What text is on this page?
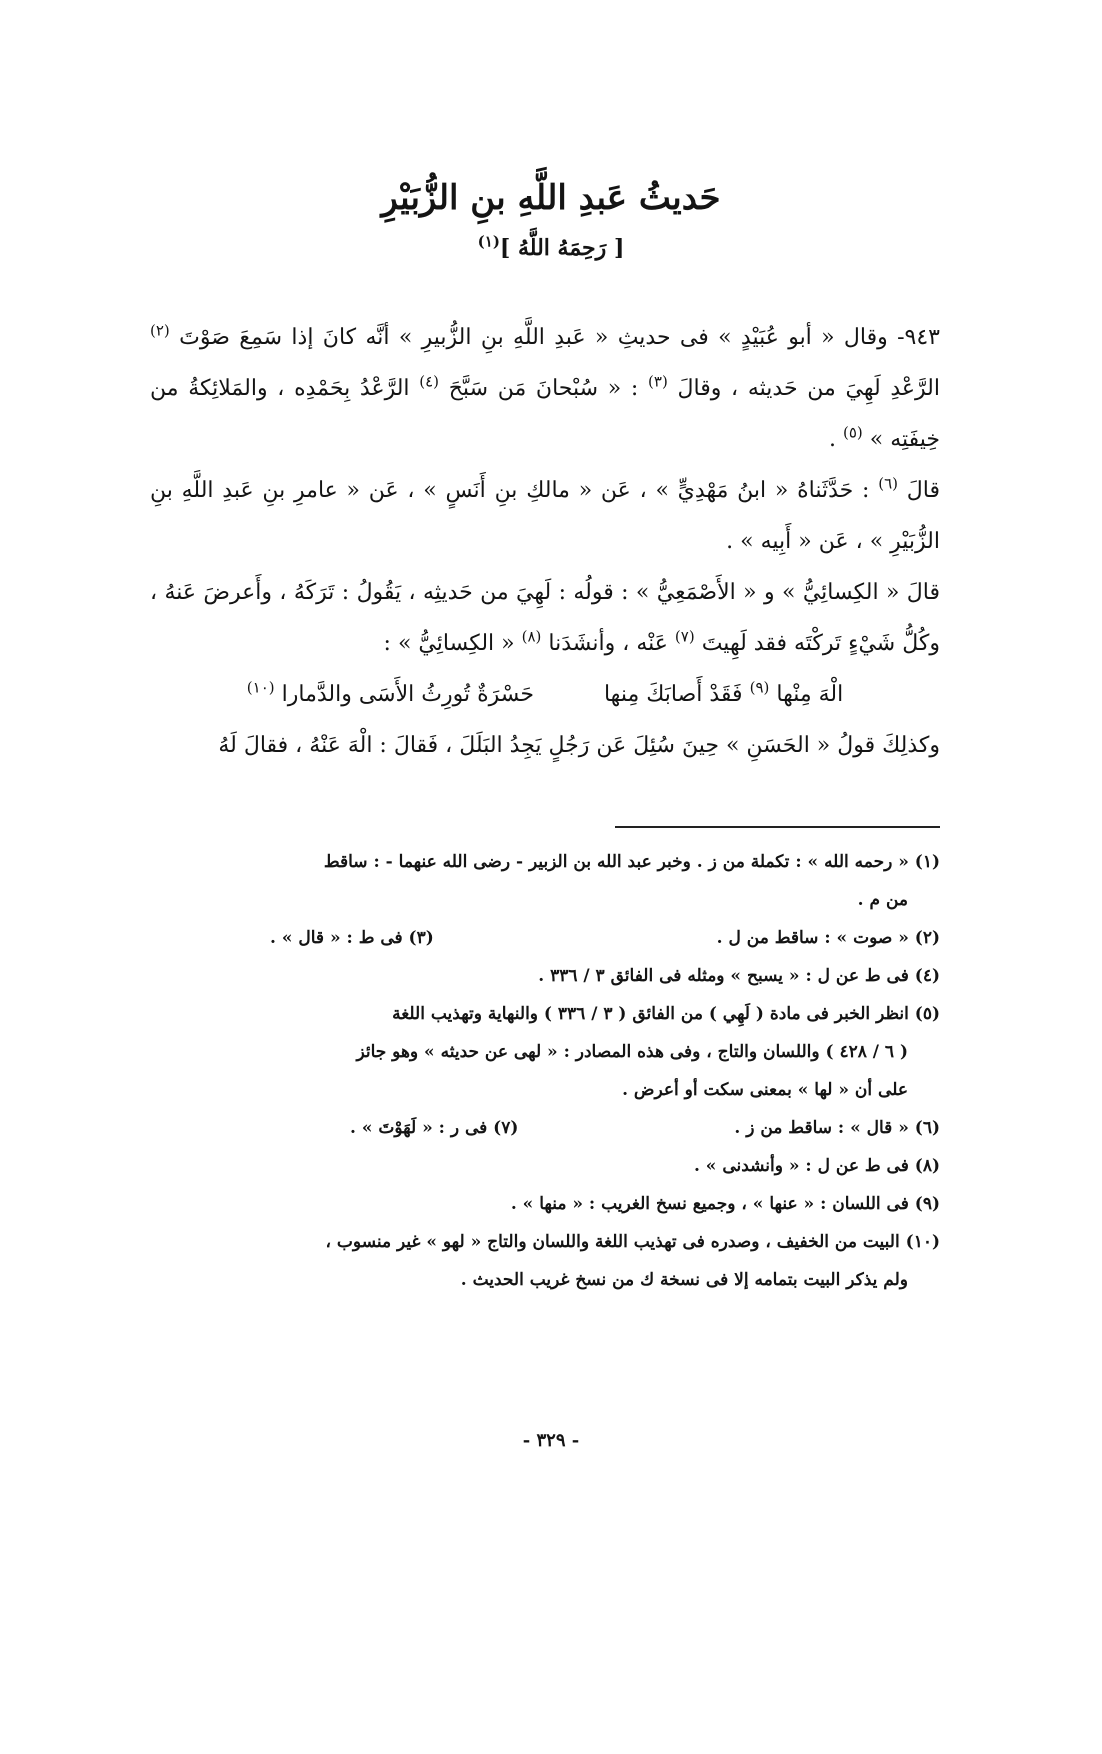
حَديثُ عَبدِ اللَّهِ بنِ الزُّبَيْرِ
[ رَحِمَهُ اللَّهُ ]$^{(١)}$

٩٤٣- وقال « أبو عُبَيْدٍ » فى حديثِ « عَبدِ اللَّهِ بنِ الزُّبيرِ » أنَّه كانَ إذا سَمِعَ صَوْتَ $^{(٢)}$ الرَّعْدِ لَهِيَ من حَديثه ، وقالَ $^{(٣)}$ : « سُبْحانَ مَن سَبَّحَ $^{(٤)}$ الرَّعْدُ بِحَمْدِه ، والمَلائِكةُ من خِيفَتِه » $^{(٥)}$ .

قالَ $^{(٦)}$ : حَدَّثَناهُ « ابنُ مَهْدِيٍّ » ، عَن « مالكِ بنِ أَنَسٍ » ، عَن « عامرِ بنِ عَبدِ اللَّهِ بنِ الزُّبَيْرِ » ، عَن « أَبِيه » .

قالَ « الكِسائِيُّ » و « الأَصْمَعِيُّ » : قولُه : لَهِيَ من حَديثِه ، يَقُولُ : تَرَكَهُ ، وأَعرضَ عَنهُ ، وكُلُّ شَيْءٍ تَركْتَه فقد لَهِيتَ $^{(٧)}$ عَنْه ، وأنشَدَنا $^{(٨)}$ « الكِسائِيُّ » :

الْهَ مِنْها $^{(٩)}$ فَقَدْ أَصابَكَ مِنها
حَسْرَةٌ تُورِثُ الأَسَى والدَّمارا $^{(١٠)}$

وكذلِكَ قولُ « الحَسَنِ » حِينَ سُئِلَ عَن رَجُلٍ يَجِدُ البَلَلَ ، فَقالَ : الْهَ عَنْهُ ، فقالَ لَهُ

(١) « رحمه الله » : تكملة من ز . وخبر عبد الله بن الزبير - رضى الله عنهما - : ساقط

من م .

(٢) « صوت » : ساقط من ل .
(٣) فى ط : « قال » .

(٤) فى ط عن ل : « يسبح » ومثله فى الفائق ٣ / ٣٣٦ .

(٥) انظر الخبر فى مادة ( لَهِي ) من الفائق ( ٣ / ٣٣٦ ) والنهاية وتهذيب اللغة

( ٦ / ٤٢٨ ) واللسان والتاج ، وفى هذه المصادر : « لهى عن حديثه » وهو جائز

على أن « لها » بمعنى سكت أو أعرض .

(٦) « قال » : ساقط من ز .
(٧) فى ر : « لَهَوْتَ » .

(٨) فى ط عن ل : « وأنشدنى » .

(٩) فى اللسان : « عنها » ، وجميع نسخ الغريب : « منها » .

(١٠) البيت من الخفيف ، وصدره فى تهذيب اللغة واللسان والتاج « لهو » غير منسوب ،

ولم يذكر البيت بتمامه إلا فى نسخة ك من نسخ غريب الحديث .

- ٣٢٩ -
